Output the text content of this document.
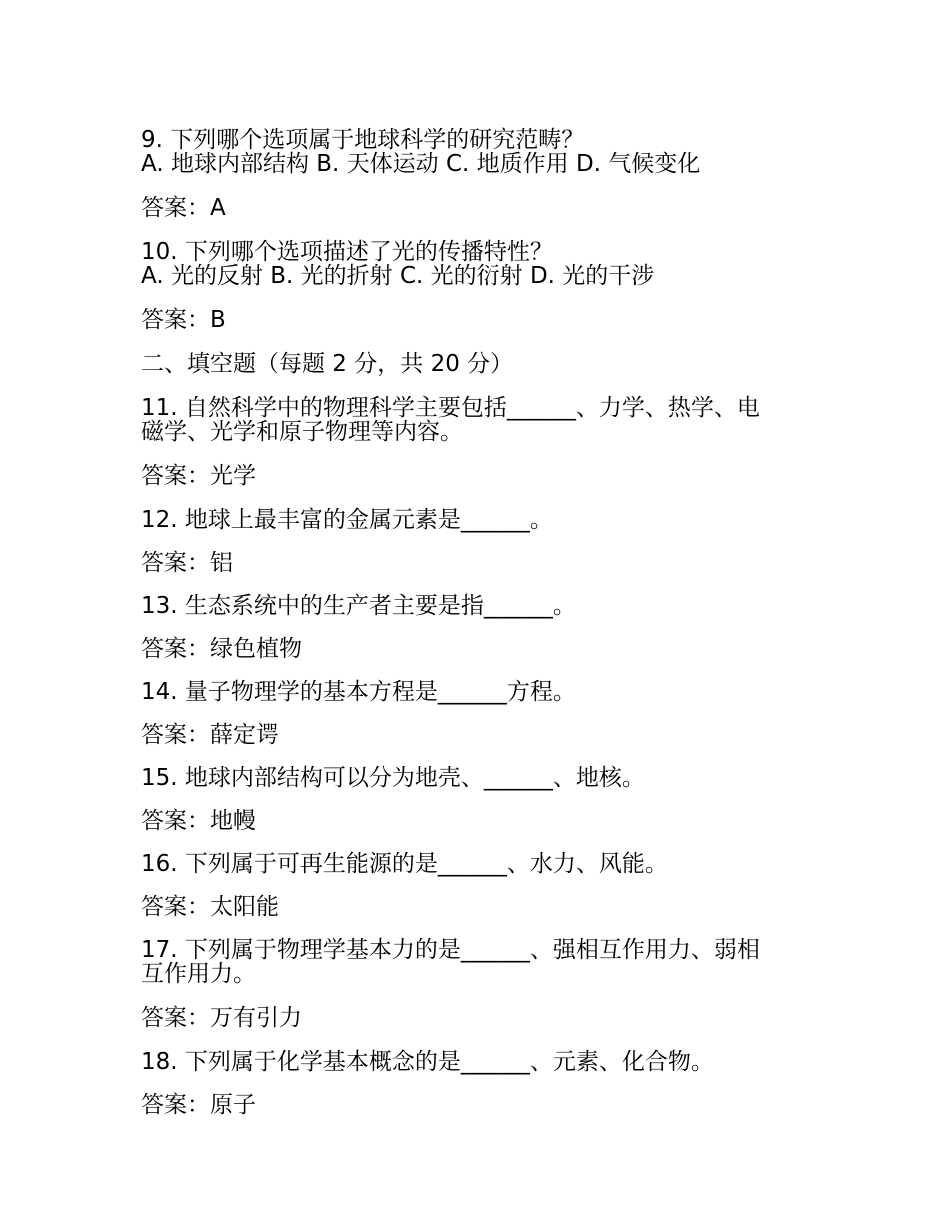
9. 下列哪个选项属于地球科学的研究范畴？

A. 地球内部结构 B. 天体运动 C. 地质作用 D. 气候变化

答案：A

10. 下列哪个选项描述了光的传播特性？

A. 光的反射 B. 光的折射 C. 光的衍射 D. 光的干涉

答案：B

二、填空题（每题 2 分，共 20 分）

11. 自然科学中的物理科学主要包括______、力学、热学、电

磁学、光学和原子物理等内容。

答案：光学

12. 地球上最丰富的金属元素是______。

答案：铝

13. 生态系统中的生产者主要是指______。

答案：绿色植物

14. 量子物理学的基本方程是______方程。

答案：薛定谔

15. 地球内部结构可以分为地壳、______、地核。

答案：地幔

16. 下列属于可再生能源的是______、水力、风能。

答案：太阳能

17. 下列属于物理学基本力的是______、强相互作用力、弱相

互作用力。

答案：万有引力

18. 下列属于化学基本概念的是______、元素、化合物。

答案：原子
